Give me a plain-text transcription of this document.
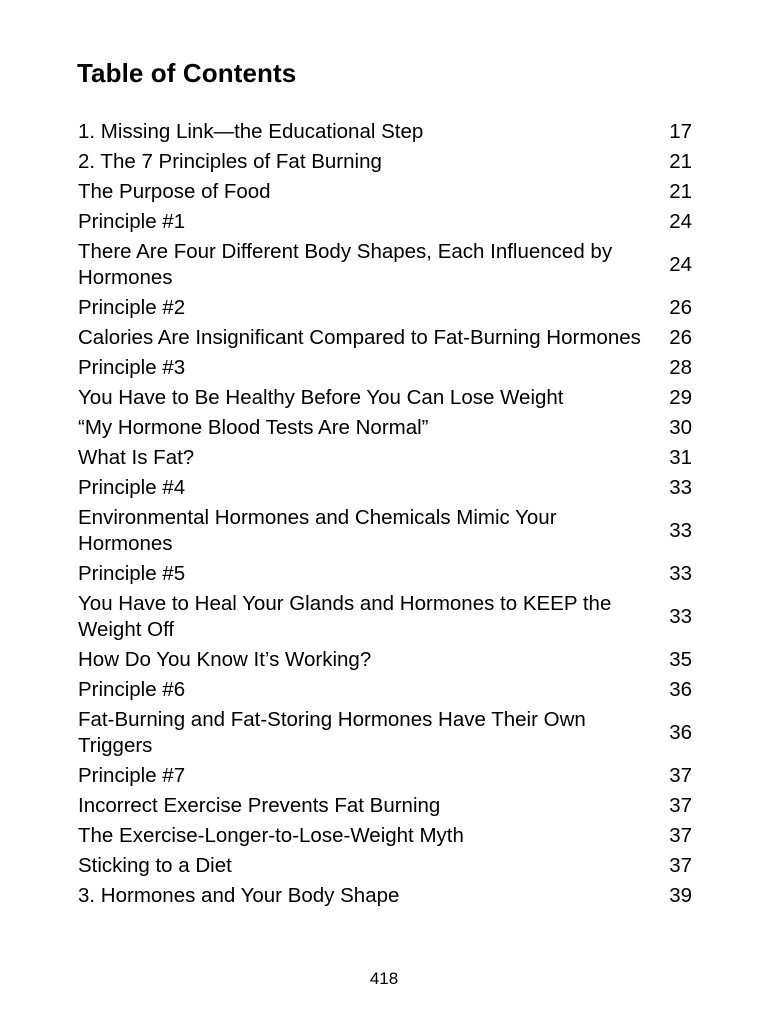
Table of Contents
1. Missing Link—the Educational Step	17
2. The 7 Principles of Fat Burning	21
The Purpose of Food	21
Principle #1	24
There Are Four Different Body Shapes, Each Influenced by Hormones	24
Principle #2	26
Calories Are Insignificant Compared to Fat-Burning Hormones	26
Principle #3	28
You Have to Be Healthy Before You Can Lose Weight	29
“My Hormone Blood Tests Are Normal”	30
What Is Fat?	31
Principle #4	33
Environmental Hormones and Chemicals Mimic Your Hormones	33
Principle #5	33
You Have to Heal Your Glands and Hormones to KEEP the Weight Off	33
How Do You Know It’s Working?	35
Principle #6	36
Fat-Burning and Fat-Storing Hormones Have Their Own Triggers	36
Principle #7	37
Incorrect Exercise Prevents Fat Burning	37
The Exercise-Longer-to-Lose-Weight Myth	37
Sticking to a Diet	37
3. Hormones and Your Body Shape	39
418
